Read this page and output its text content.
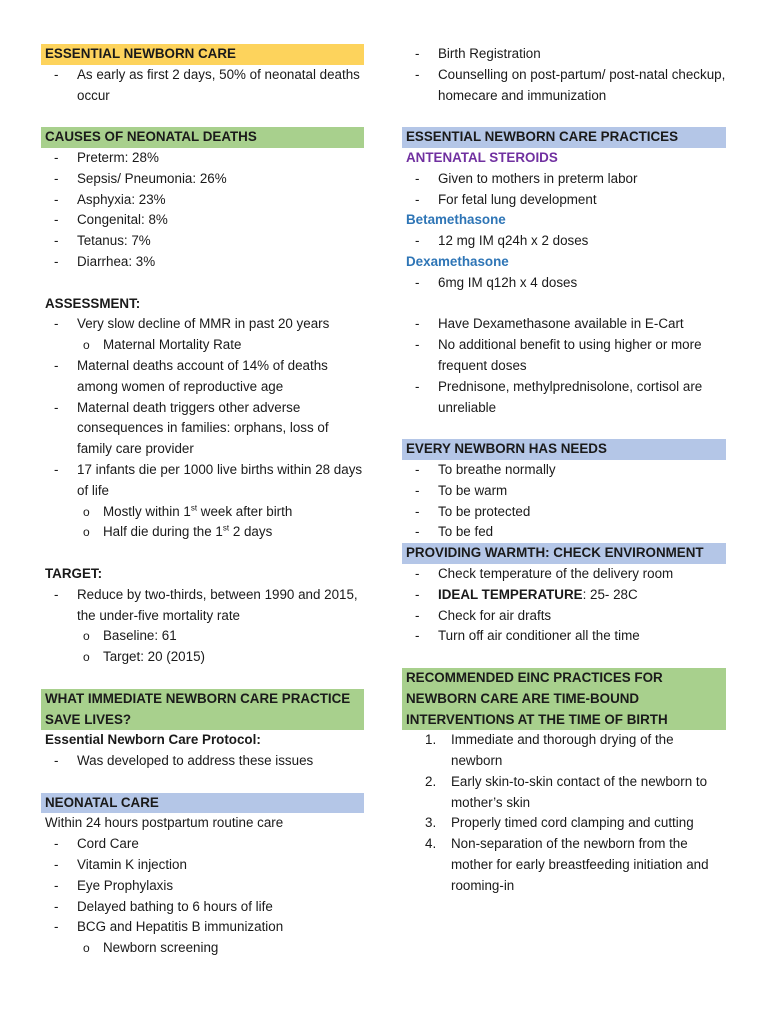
ESSENTIAL NEWBORN CARE
- As early as first 2 days, 50% of neonatal deaths occur
CAUSES OF NEONATAL DEATHS
- Preterm: 28%
- Sepsis/ Pneumonia: 26%
- Asphyxia: 23%
- Congenital: 8%
- Tetanus: 7%
- Diarrhea: 3%
ASSESSMENT:
- Very slow decline of MMR in past 20 years
o Maternal Mortality Rate
- Maternal deaths account of 14% of deaths among women of reproductive age
- Maternal death triggers other adverse consequences in families: orphans, loss of family care provider
- 17 infants die per 1000 live births within 28 days of life
o Mostly within 1st week after birth
o Half die during the 1st 2 days
TARGET:
- Reduce by two-thirds, between 1990 and 2015, the under-five mortality rate
o Baseline: 61
o Target: 20 (2015)
WHAT IMMEDIATE NEWBORN CARE PRACTICE SAVE LIVES?
Essential Newborn Care Protocol:
- Was developed to address these issues
NEONATAL CARE
Within 24 hours postpartum routine care
- Cord Care
- Vitamin K injection
- Eye Prophylaxis
- Delayed bathing to 6 hours of life
- BCG and Hepatitis B immunization
o Newborn screening
- Birth Registration
- Counselling on post-partum/ post-natal checkup, homecare and immunization
ESSENTIAL NEWBORN CARE PRACTICES
ANTENATAL STEROIDS
- Given to mothers in preterm labor
- For fetal lung development
Betamethasone
- 12 mg IM q24h x 2 doses
Dexamethasone
- 6mg IM q12h x 4 doses
- Have Dexamethasone available in E-Cart
- No additional benefit to using higher or more frequent doses
- Prednisone, methylprednisolone, cortisol are unreliable
EVERY NEWBORN HAS NEEDS
- To breathe normally
- To be warm
- To be protected
- To be fed
PROVIDING WARMTH: CHECK ENVIRONMENT
- Check temperature of the delivery room
- IDEAL TEMPERATURE: 25- 28C
- Check for air drafts
- Turn off air conditioner all the time
RECOMMENDED EINC PRACTICES FOR NEWBORN CARE ARE TIME-BOUND INTERVENTIONS AT THE TIME OF BIRTH
1. Immediate and thorough drying of the newborn
2. Early skin-to-skin contact of the newborn to mother’s skin
3. Properly timed cord clamping and cutting
4. Non-separation of the newborn from the mother for early breastfeeding initiation and rooming-in
